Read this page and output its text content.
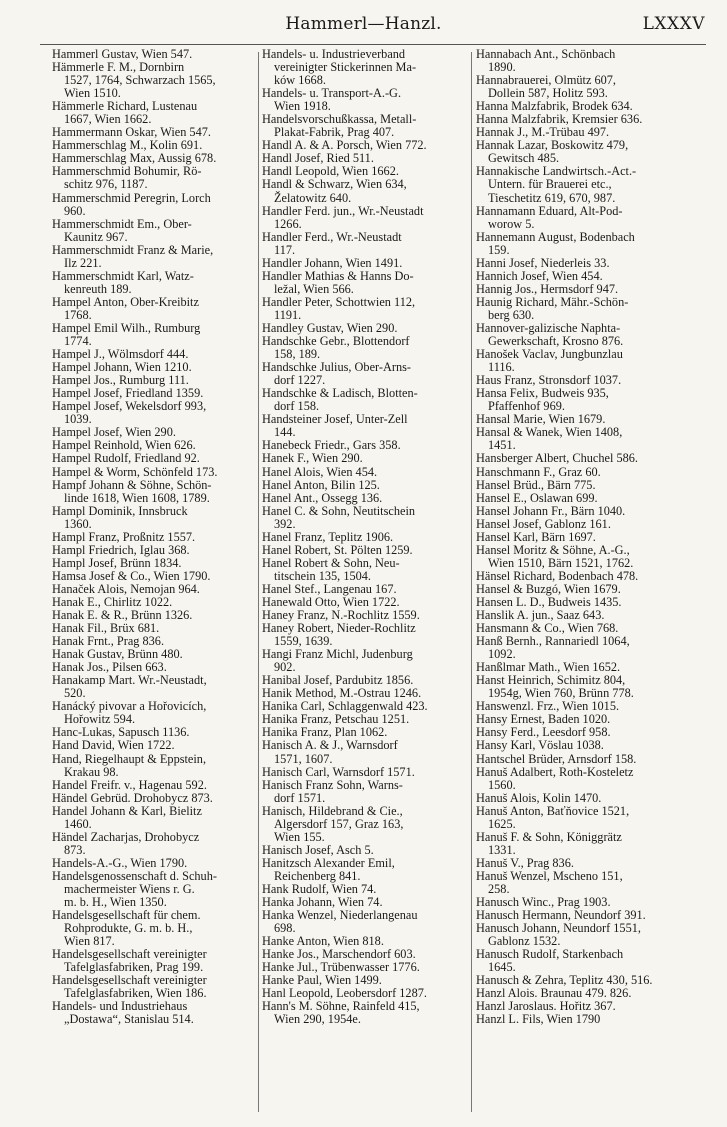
Hammerl—Hanzl.	LXXXV
Hammerl Gustav, Wien 547.
Hämmerle F. M., Dornbirn
1527, 1764, Schwarzach 1565,
Wien 1510.
Hämmerle Richard, Lustenau
1667, Wien 1662.
Hammermann Oskar, Wien 547.
Hammerschlag M., Kolin 691.
Hammerschlag Max, Aussig 678.
Hammerschmid Bohumir, Rö-
schitz 976, 1187.
Hammerschmid Peregrin, Lorch
960.
Hammerschmidt Em., Ober-
Kaunitz 967.
Hammerschmidt Franz & Marie,
Ilz 221.
Hammerschmidt Karl, Watz-
kenreuth 189.
Hampel Anton, Ober-Kreibitz
1768.
Hampel Emil Wilh., Rumburg
1774.
Hampel J., Wölmsdorf 444.
Hampel Johann, Wien 1210.
Hampel Jos., Rumburg 111.
Hampel Josef, Friedland 1359.
Hampel Josef, Wekelsdorf 993,
1039.
Hampel Josef, Wien 290.
Hampel Reinhold, Wien 626.
Hampel Rudolf, Friedland 92.
Hampel & Worm, Schönfeld 173.
Hampf Johann & Söhne, Schön-
linde 1618, Wien 1608, 1789.
Hampl Dominik, Innsbruck
1360.
Hampl Franz, Proßnitz 1557.
Hampl Friedrich, Iglau 368.
Hampl Josef, Brünn 1834.
Hamsa Josef & Co., Wien 1790.
Hanaček Alois, Nemojan 964.
Hanak E., Chirlitz 1022.
Hanak E. & R., Brünn 1326.
Hanak Fil., Brüx 681.
Hanak Frnt., Prag 836.
Hanak Gustav, Brünn 480.
Hanak Jos., Pilsen 663.
Hanakamp Mart. Wr.-Neustadt,
520.
Hanácký pivovar a Hořovicích,
Hořowitz 594.
Hanc-Lukas, Sapusch 1136.
Hand David, Wien 1722.
Hand, Riegelhaupt & Eppstein,
Krakau 98.
Handel Freifr. v., Hagenau 592.
Händel Gebrüd. Drohobycz 873.
Handel Johann & Karl, Bielitz
1460.
Händel Zacharjas, Drohobycz
873.
Handels-A.-G., Wien 1790.
Handelsgenossenschaft d. Schuh-
machermeister Wiens r. G.
m. b. H., Wien 1350.
Handelsgesellschaft für chem.
Rohprodukte, G. m. b. H.,
Wien 817.
Handelsgesellschaft vereinigter
Tafelglasfabriken, Prag 199.
Handelsgesellschaft vereinigter
Tafelglasfabriken, Wien 186.
Handels- und Industriehaus
„Dostawa“, Stanislau 514.
Handels- u. Industrieverband
vereinigter Stickerinnen Ma-
ków 1668.
Handels- u. Transport-A.-G.
Wien 1918.
Handelsvorschußkassa, Metall-
Plakat-Fabrik, Prag 407.
Handl A. & A. Porsch, Wien 772.
Handl Josef, Ried 511.
Handl Leopold, Wien 1662.
Handl & Schwarz, Wien 634,
Želatowitz 640.
Handler Ferd. jun., Wr.-Neustadt
1266.
Handler Ferd., Wr.-Neustadt
117.
Handler Johann, Wien 1491.
Handler Mathias & Hanns Do-
ležal, Wien 566.
Handler Peter, Schottwien 112,
1191.
Handley Gustav, Wien 290.
Handschke Gebr., Blottendorf
158, 189.
Handschke Julius, Ober-Arns-
dorf 1227.
Handschke & Ladisch, Blotten-
dorf 158.
Handsteiner Josef, Unter-Zell
144.
Hanebeck Friedr., Gars 358.
Hanek F., Wien 290.
Hanel Alois, Wien 454.
Hanel Anton, Bilin 125.
Hanel Ant., Ossegg 136.
Hanel C. & Sohn, Neutitschein
392.
Hanel Franz, Teplitz 1906.
Hanel Robert, St. Pölten 1259.
Hanel Robert & Sohn, Neu-
titschein 135, 1504.
Hanel Stef., Langenau 167.
Hanewald Otto, Wien 1722.
Haney Franz, N.-Rochlitz 1559.
Haney Robert, Nieder-Rochlitz
1559, 1639.
Hangi Franz Michl, Judenburg
902.
Hanibal Josef, Pardubitz 1856.
Hanik Method, M.-Ostrau 1246.
Hanika Carl, Schlaggenwald 423.
Hanika Franz, Petschau 1251.
Hanika Franz, Plan 1062.
Hanisch A. & J., Warnsdorf
1571, 1607.
Hanisch Carl, Warnsdorf 1571.
Hanisch Franz Sohn, Warns-
dorf 1571.
Hanisch, Hildebrand & Cie.,
Algersdorf 157, Graz 163,
Wien 155.
Hanisch Josef, Asch 5.
Hanitzsch Alexander Emil,
Reichenberg 841.
Hank Rudolf, Wien 74.
Hanka Johann, Wien 74.
Hanka Wenzel, Niederlangenau
698.
Hanke Anton, Wien 818.
Hanke Jos., Marschendorf 603.
Hanke Jul., Trübenwasser 1776.
Hanke Paul, Wien 1499.
Hanl Leopold, Leobersdorf 1287.
Hann's M. Söhne, Rainfeld 415,
Wien 290, 1954e.
Hannabach Ant., Schönbach
1890.
Hannabrauerei, Olmütz 607,
Dollein 587, Holitz 593.
Hanna Malzfabrik, Brodek 634.
Hanna Malzfabrik, Kremsier 636.
Hannak J., M.-Trübau 497.
Hannak Lazar, Boskowitz 479,
Gewitsch 485.
Hannakische Landwirtsch.-Act.-
Untern. für Brauerei etc.,
Tieschetitz 619, 670, 987.
Hannamann Eduard, Alt-Pod-
worow 5.
Hannemann August, Bodenbach
159.
Hanni Josef, Niederleis 33.
Hannich Josef, Wien 454.
Hannig Jos., Hermsdorf 947.
Haunig Richard, Mähr.-Schön-
berg 630.
Hannover-galizische Naphta-
Gewerkschaft, Krosno 876.
Hanošek Vaclav, Jungbunzlau
1116.
Haus Franz, Stronsdorf 1037.
Hansa Felix, Budweis 935,
Pfaffenhof 969.
Hansal Marie, Wien 1679.
Hansal & Wanek, Wien 1408,
1451.
Hansberger Albert, Chuchel 586.
Hanschmann F., Graz 60.
Hansel Brüd., Bärn 775.
Hansel E., Oslawan 699.
Hansel Johann Fr., Bärn 1040.
Hansel Josef, Gablonz 161.
Hansel Karl, Bärn 1697.
Hansel Moritz & Söhne, A.-G.,
Wien 1510, Bärn 1521, 1762.
Hänsel Richard, Bodenbach 478.
Hansel & Buzgó, Wien 1679.
Hansen L. D., Budweis 1435.
Hanslik A. jun., Saaz 643.
Hansmann & Co., Wien 768.
Hanß Bernh., Rannariedl 1064,
1092.
Hanßlmar Math., Wien 1652.
Hanst Heinrich, Schimitz 804,
1954g, Wien 760, Brünn 778.
Hanswenzl. Frz., Wien 1015.
Hansy Ernest, Baden 1020.
Hansy Ferd., Leesdorf 958.
Hansy Karl, Vöslau 1038.
Hantschel Brüder, Arnsdorf 158.
Hanuš Adalbert, Roth-Kosteletz
1560.
Hanuš Alois, Kolin 1470.
Hanuš Anton, Baťňovice 1521,
1625.
Hanuš F. & Sohn, Königgrätz
1331.
Hanuš V., Prag 836.
Hanuš Wenzel, Mscheno 151,
258.
Hanusch Winc., Prag 1903.
Hanusch Hermann, Neundorf 391.
Hanusch Johann, Neundorf 1551,
Gablonz 1532.
Hanusch Rudolf, Starkenbach
1645.
Hanusch & Zehra, Teplitz 430, 516.
Hanzl Alois. Braunau 479. 826.
Hanzl Jaroslaus. Hořitz 367.
Hanzl L. Fils, Wien 1790
